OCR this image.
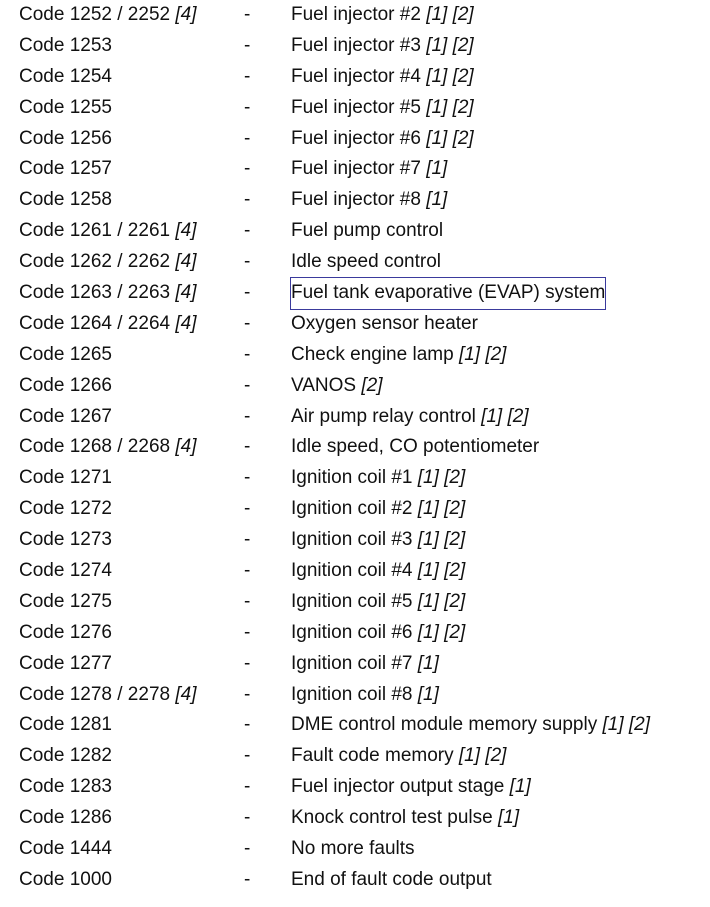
Code 1252 / 2252 [4]	- Fuel injector #2 [1] [2]
Code 1253	- Fuel injector #3 [1] [2]
Code 1254	- Fuel injector #4 [1] [2]
Code 1255	- Fuel injector #5 [1] [2]
Code 1256	- Fuel injector #6 [1] [2]
Code 1257	- Fuel injector #7 [1]
Code 1258	- Fuel injector #8 [1]
Code 1261 / 2261 [4]	- Fuel pump control
Code 1262 / 2262 [4]	- Idle speed control
Code 1263 / 2263 [4]	- Fuel tank evaporative (EVAP) system
Code 1264 / 2264 [4]	- Oxygen sensor heater
Code 1265	- Check engine lamp [1] [2]
Code 1266	- VANOS [2]
Code 1267	- Air pump relay control [1] [2]
Code 1268 / 2268 [4]	- Idle speed, CO potentiometer
Code 1271	- Ignition coil #1 [1] [2]
Code 1272	- Ignition coil #2 [1] [2]
Code 1273	- Ignition coil #3 [1] [2]
Code 1274	- Ignition coil #4 [1] [2]
Code 1275	- Ignition coil #5 [1] [2]
Code 1276	- Ignition coil #6 [1] [2]
Code 1277	- Ignition coil #7 [1]
Code 1278 / 2278 [4]	- Ignition coil #8 [1]
Code 1281	- DME control module memory supply [1] [2]
Code 1282	- Fault code memory [1] [2]
Code 1283	- Fuel injector output stage [1]
Code 1286	- Knock control test pulse [1]
Code 1444	- No more faults
Code 1000	- End of fault code output
